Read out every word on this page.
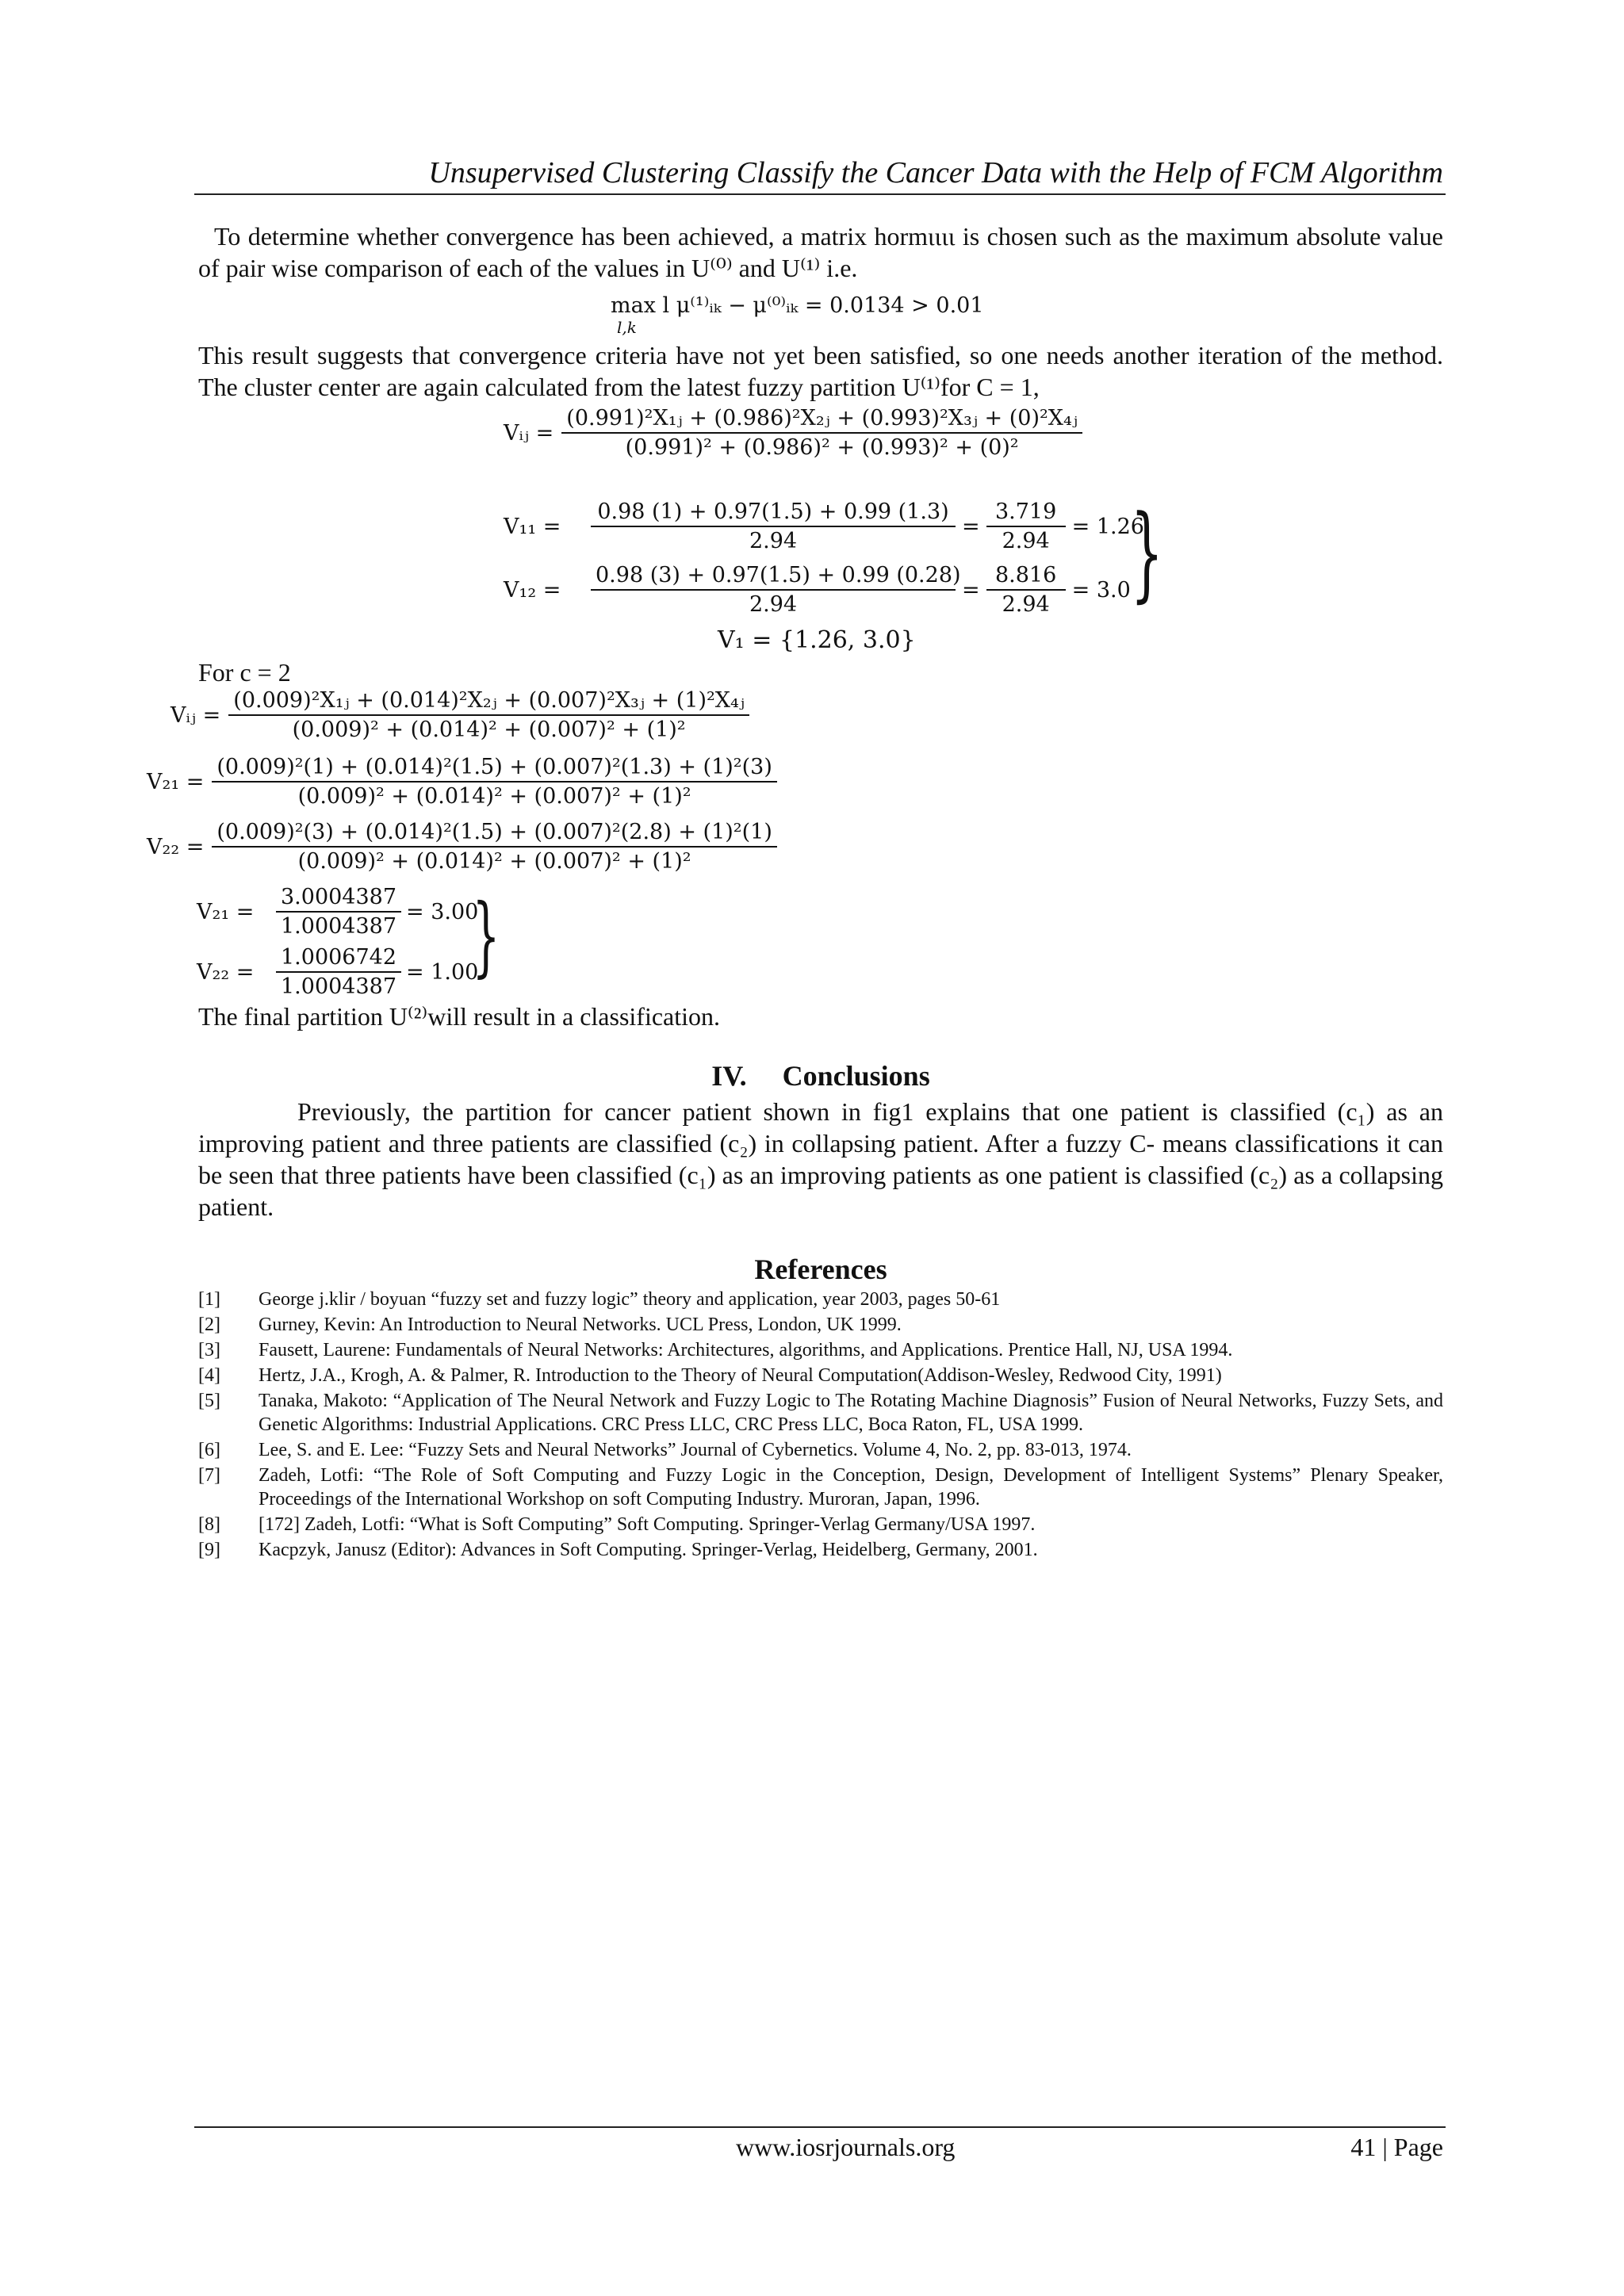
Unsupervised Clustering Classify the Cancer Data with the Help of FCM Algorithm
To determine whether convergence has been achieved, a matrix hormιιιι is chosen such as the maximum absolute value of pair wise comparison of each of the values in U⁽⁰⁾ and U⁽¹⁾ i.e.
max l μ⁽¹⁾ᵢₖ − μ⁽⁰⁾ᵢₖ = 0.0134 > 0.01
l,k
This result suggests that convergence criteria have not yet been satisfied, so one needs another iteration of the method. The cluster center are again calculated from the latest fuzzy partition U⁽¹⁾for C = 1,
Vᵢⱼ = $\frac{\text{(0.991)²X₁ⱼ + (0.986)²X₂ⱼ + (0.993)²X₃ⱼ + (0)²X₄ⱼ}}{\text{(0.991)² + (0.986)² + (0.993)² + (0)²}}$
V₁₁ =	$\frac{0.98 (1) + 0.97(1.5) + 0.99 (1.3)}{2.94} = \frac{3.719}{2.94} = 1.26$
V₁₂ =	$\frac{0.98 (3) + 0.97(1.5) + 0.99 (0.28)}{2.94} = \frac{8.816}{2.94} = 3.0$ }
V₁ = {1.26, 3.0}
For c = 2
Vᵢⱼ = $\frac{\text{(0.009)²X₁ⱼ + (0.014)²X₂ⱼ + (0.007)²X₃ⱼ + (1)²X₄ⱼ}}{\text{(0.009)² + (0.014)² + (0.007)² + (1)²}}$
$V_{21} = \frac{\text{(0.009)²(1) + (0.014)²(1.5) + (0.007)²(1.3) + (1)²(3)}}{\text{(0.009)² + (0.014)² + (0.007)² + (1)²}}$
$V_{22} = \frac{\text{(0.009)²(3) + (0.014)²(1.5) + (0.007)²(2.8) + (1)²(1)}}{\text{(0.009)² + (0.014)² + (0.007)² + (1)²}}$
V₂₁ =	$\frac{3.0004387}{1.0004387} = 3.00$
V₂₂ =	$\frac{1.0006742}{1.0004387} = 1.00$
}
The final partition U⁽²⁾will result in a classification.
IV.     Conclusions
Previously, the partition for cancer patient shown in fig1 explains that one patient is classified (c₁) as an improving patient and three patients are classified (c₂) in collapsing patient. After a fuzzy C- means classifications it can be seen that three patients have been classified (c₁) as an improving patients as one patient is classified (c₂) as a collapsing patient.
References
[1]	George j.klir / boyuan “fuzzy set and fuzzy logic” theory and application, year 2003, pages 50-61
[2]	Gurney, Kevin: An Introduction to Neural Networks. UCL Press, London, UK 1999.
[3]	Fausett, Laurene: Fundamentals of Neural Networks: Architectures, algorithms, and Applications. Prentice Hall, NJ, USA 1994.
[4]	Hertz, J.A., Krogh, A. & Palmer, R. Introduction to the Theory of Neural Computation(Addison-Wesley, Redwood City, 1991)
[5]	Tanaka, Makoto: “Application of The Neural Network and Fuzzy Logic to The Rotating Machine Diagnosis” Fusion of Neural Networks, Fuzzy Sets, and Genetic Algorithms: Industrial Applications. CRC Press LLC, CRC Press LLC, Boca Raton, FL, USA 1999.
[6]	Lee, S. and E. Lee: “Fuzzy Sets and Neural Networks” Journal of Cybernetics. Volume 4, No. 2, pp. 83-013, 1974.
[7]	Zadeh, Lotfi: “The Role of Soft Computing and Fuzzy Logic in the Conception, Design, Development of Intelligent Systems” Plenary Speaker, Proceedings of the International Workshop on soft Computing Industry. Muroran, Japan, 1996.
[8]	[172] Zadeh, Lotfi: “What is Soft Computing” Soft Computing. Springer-Verlag Germany/USA 1997.
[9]	Kacpzyk, Janusz (Editor): Advances in Soft Computing. Springer-Verlag, Heidelberg, Germany, 2001.
www.iosrjournals.org	41 | Page
